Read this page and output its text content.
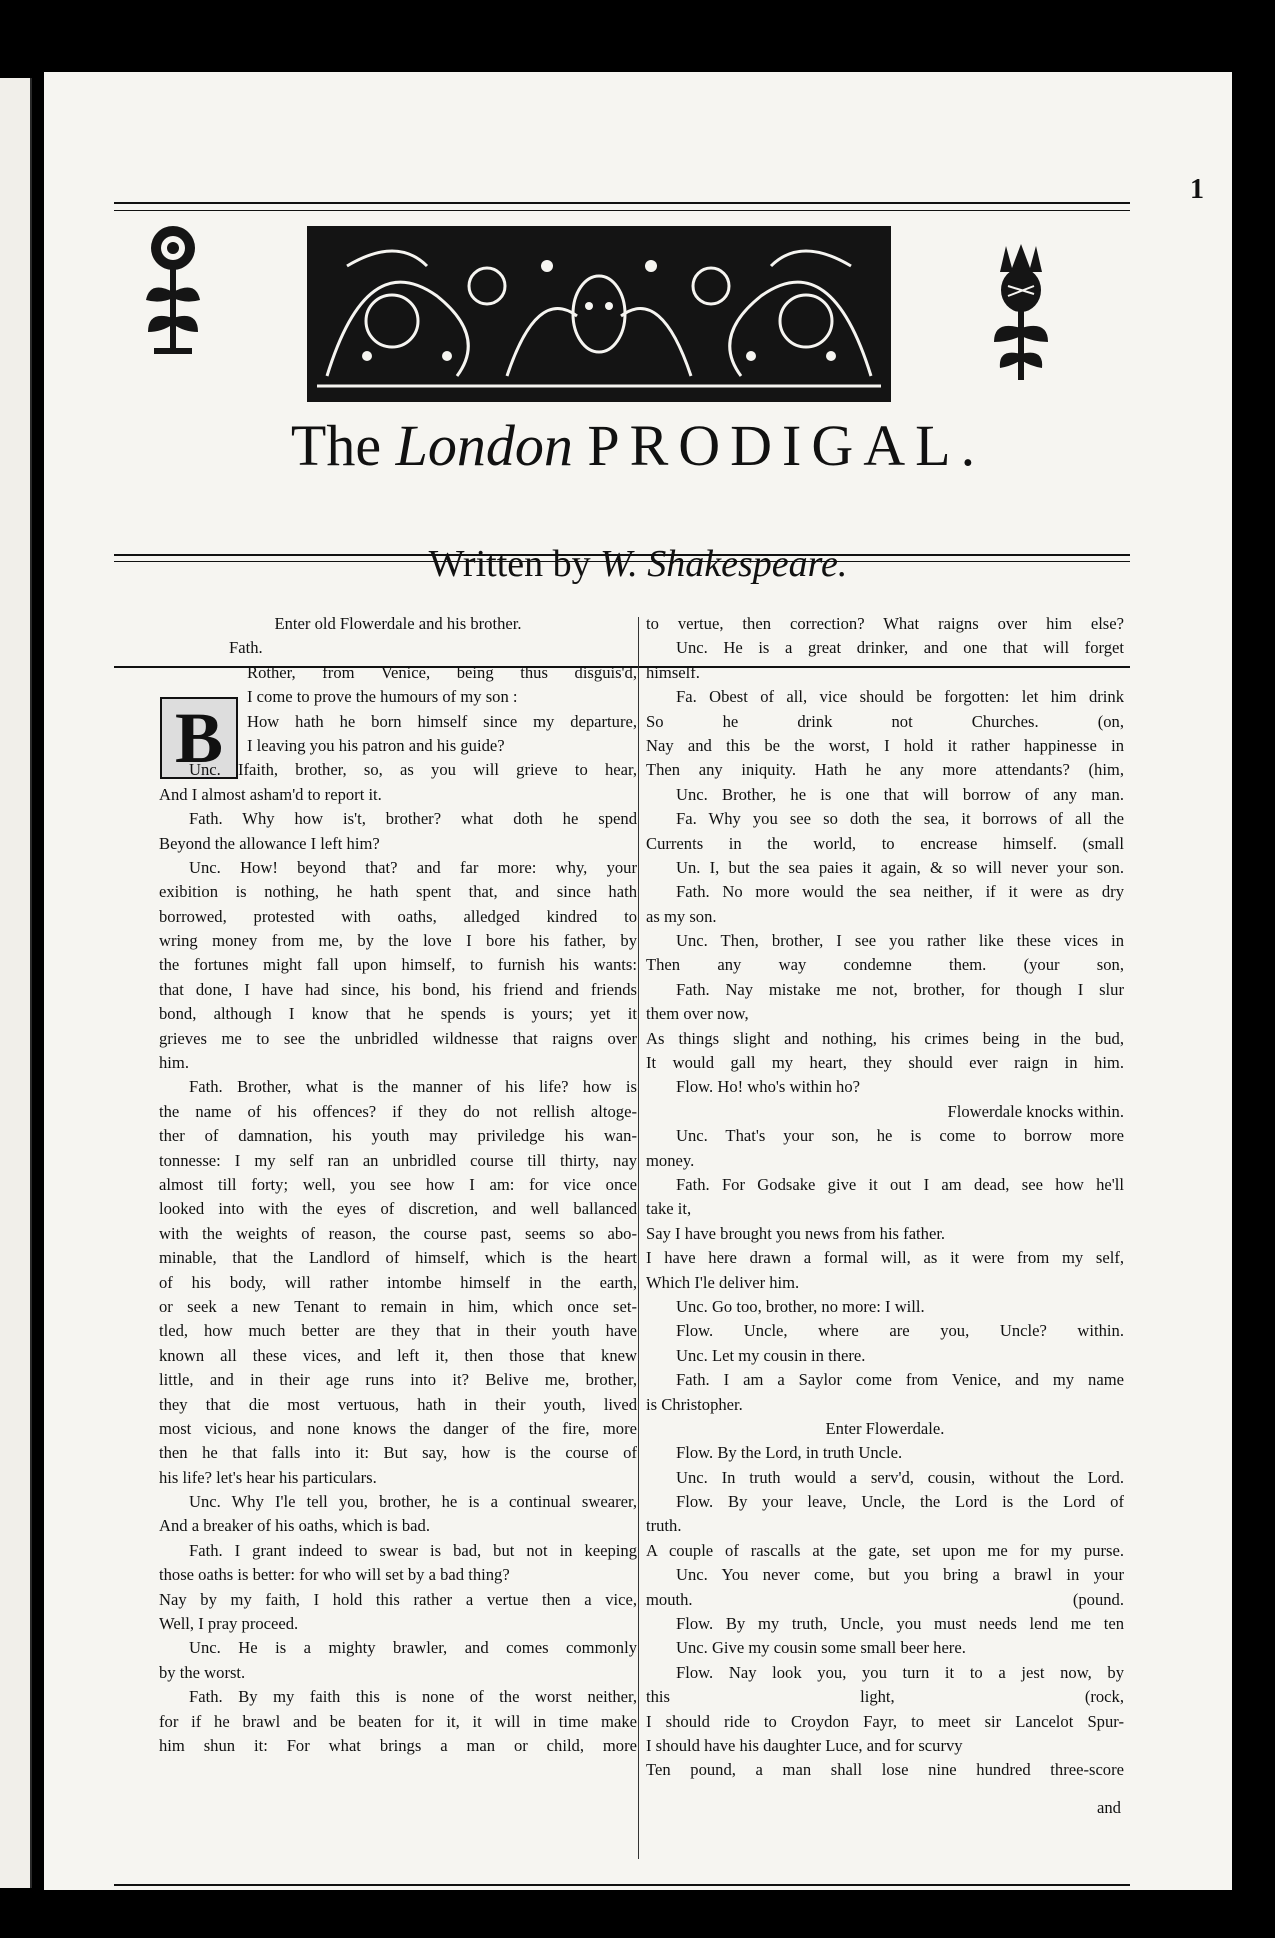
1
The London PRODIGAL.
Written by W. Shakespeare.
B
Enter old Flowerdale and his brother.
Fath.
Rother, from Venice, being thus disguis'd,
I come to prove the humours of my son :
How hath he born himself since my departure,
I leaving you his patron and his guide?
Unc. Ifaith, brother, so, as you will grieve to hear,
And I almost asham'd to report it.
Fath. Why how is't, brother? what doth he spend
Beyond the allowance I left him?
Unc. How! beyond that? and far more: why, your
exibition is nothing, he hath spent that, and since hath
borrowed, protested with oaths, alledged kindred to
wring money from me, by the love I bore his father, by
the fortunes might fall upon himself, to furnish his wants:
that done, I have had since, his bond, his friend and friends
bond, although I know that he spends is yours; yet it
grieves me to see the unbridled wildnesse that raigns over
him.
Fath. Brother, what is the manner of his life? how is
the name of his offences? if they do not rellish altoge-
ther of damnation, his youth may priviledge his wan-
tonnesse: I my self ran an unbridled course till thirty, nay
almost till forty; well, you see how I am: for vice once
looked into with the eyes of discretion, and well ballanced
with the weights of reason, the course past, seems so abo-
minable, that the Landlord of himself, which is the heart
of his body, will rather intombe himself in the earth,
or seek a new Tenant to remain in him, which once set-
tled, how much better are they that in their youth have
known all these vices, and left it, then those that knew
little, and in their age runs into it? Belive me, brother,
they that die most vertuous, hath in their youth, lived
most vicious, and none knows the danger of the fire, more
then he that falls into it: But say, how is the course of
his life? let's hear his particulars.
Unc. Why I'le tell you, brother, he is a continual swearer,
And a breaker of his oaths, which is bad.
Fath. I grant indeed to swear is bad, but not in keeping
those oaths is better: for who will set by a bad thing?
Nay by my faith, I hold this rather a vertue then a vice,
Well, I pray proceed.
Unc. He is a mighty brawler, and comes commonly
by the worst.
Fath. By my faith this is none of the worst neither,
for if he brawl and be beaten for it, it will in time make
him shun it: For what brings a man or child, more
to vertue, then correction? What raigns over him else?
Unc. He is a great drinker, and one that will forget
himself.
Fa. Obest of all, vice should be forgotten: let him drink
So he drink not Churches. (on,
Nay and this be the worst, I hold it rather happinesse in
Then any iniquity. Hath he any more attendants? (him,
Unc. Brother, he is one that will borrow of any man.
Fa. Why you see so doth the sea, it borrows of all the
Currents in the world, to encrease himself. (small
Un. I, but the sea paies it again, & so will never your son.
Fath. No more would the sea neither, if it were as dry
as my son.
Unc. Then, brother, I see you rather like these vices in
Then any way condemne them. (your son,
Fath. Nay mistake me not, brother, for though I slur
them over now,
As things slight and nothing, his crimes being in the bud,
It would gall my heart, they should ever raign in him.
Flow. Ho! who's within ho?
Flowerdale knocks within.
Unc. That's your son, he is come to borrow more
money.
Fath. For Godsake give it out I am dead, see how he'll
take it,
Say I have brought you news from his father.
I have here drawn a formal will, as it were from my self,
Which I'le deliver him.
Unc. Go too, brother, no more: I will.
Flow. Uncle, where are you, Uncle? within.
Unc. Let my cousin in there.
Fath. I am a Saylor come from Venice, and my name
is Christopher.
Enter Flowerdale.
Flow. By the Lord, in truth Uncle.
Unc. In truth would a serv'd, cousin, without the Lord.
Flow. By your leave, Uncle, the Lord is the Lord of
truth.
A couple of rascalls at the gate, set upon me for my purse.
Unc. You never come, but you bring a brawl in your
mouth. (pound.
Flow. By my truth, Uncle, you must needs lend me ten
Unc. Give my cousin some small beer here.
Flow. Nay look you, you turn it to a jest now, by
this light, (rock,
I should ride to Croydon Fayr, to meet sir Lancelot Spur-
I should have his daughter Luce, and for scurvy
Ten pound, a man shall lose nine hundred three-score
and
